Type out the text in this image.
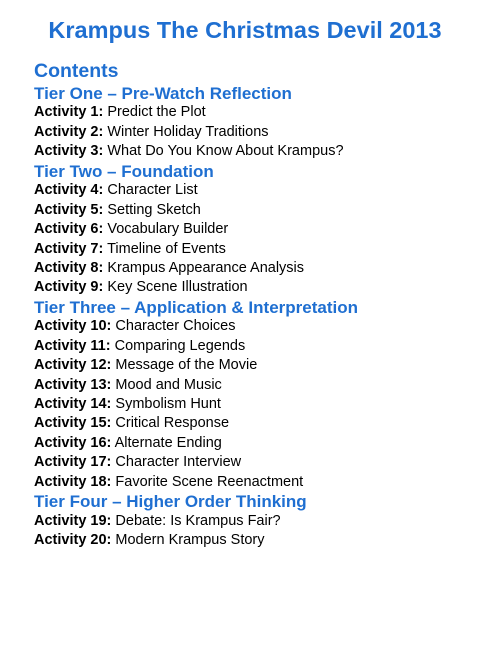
Krampus The Christmas Devil 2013
Contents
Tier One – Pre-Watch Reflection
Activity 1: Predict the Plot
Activity 2: Winter Holiday Traditions
Activity 3: What Do You Know About Krampus?
Tier Two – Foundation
Activity 4: Character List
Activity 5: Setting Sketch
Activity 6: Vocabulary Builder
Activity 7: Timeline of Events
Activity 8: Krampus Appearance Analysis
Activity 9: Key Scene Illustration
Tier Three – Application & Interpretation
Activity 10: Character Choices
Activity 11: Comparing Legends
Activity 12: Message of the Movie
Activity 13: Mood and Music
Activity 14: Symbolism Hunt
Activity 15: Critical Response
Activity 16: Alternate Ending
Activity 17: Character Interview
Activity 18: Favorite Scene Reenactment
Tier Four – Higher Order Thinking
Activity 19: Debate: Is Krampus Fair?
Activity 20: Modern Krampus Story
